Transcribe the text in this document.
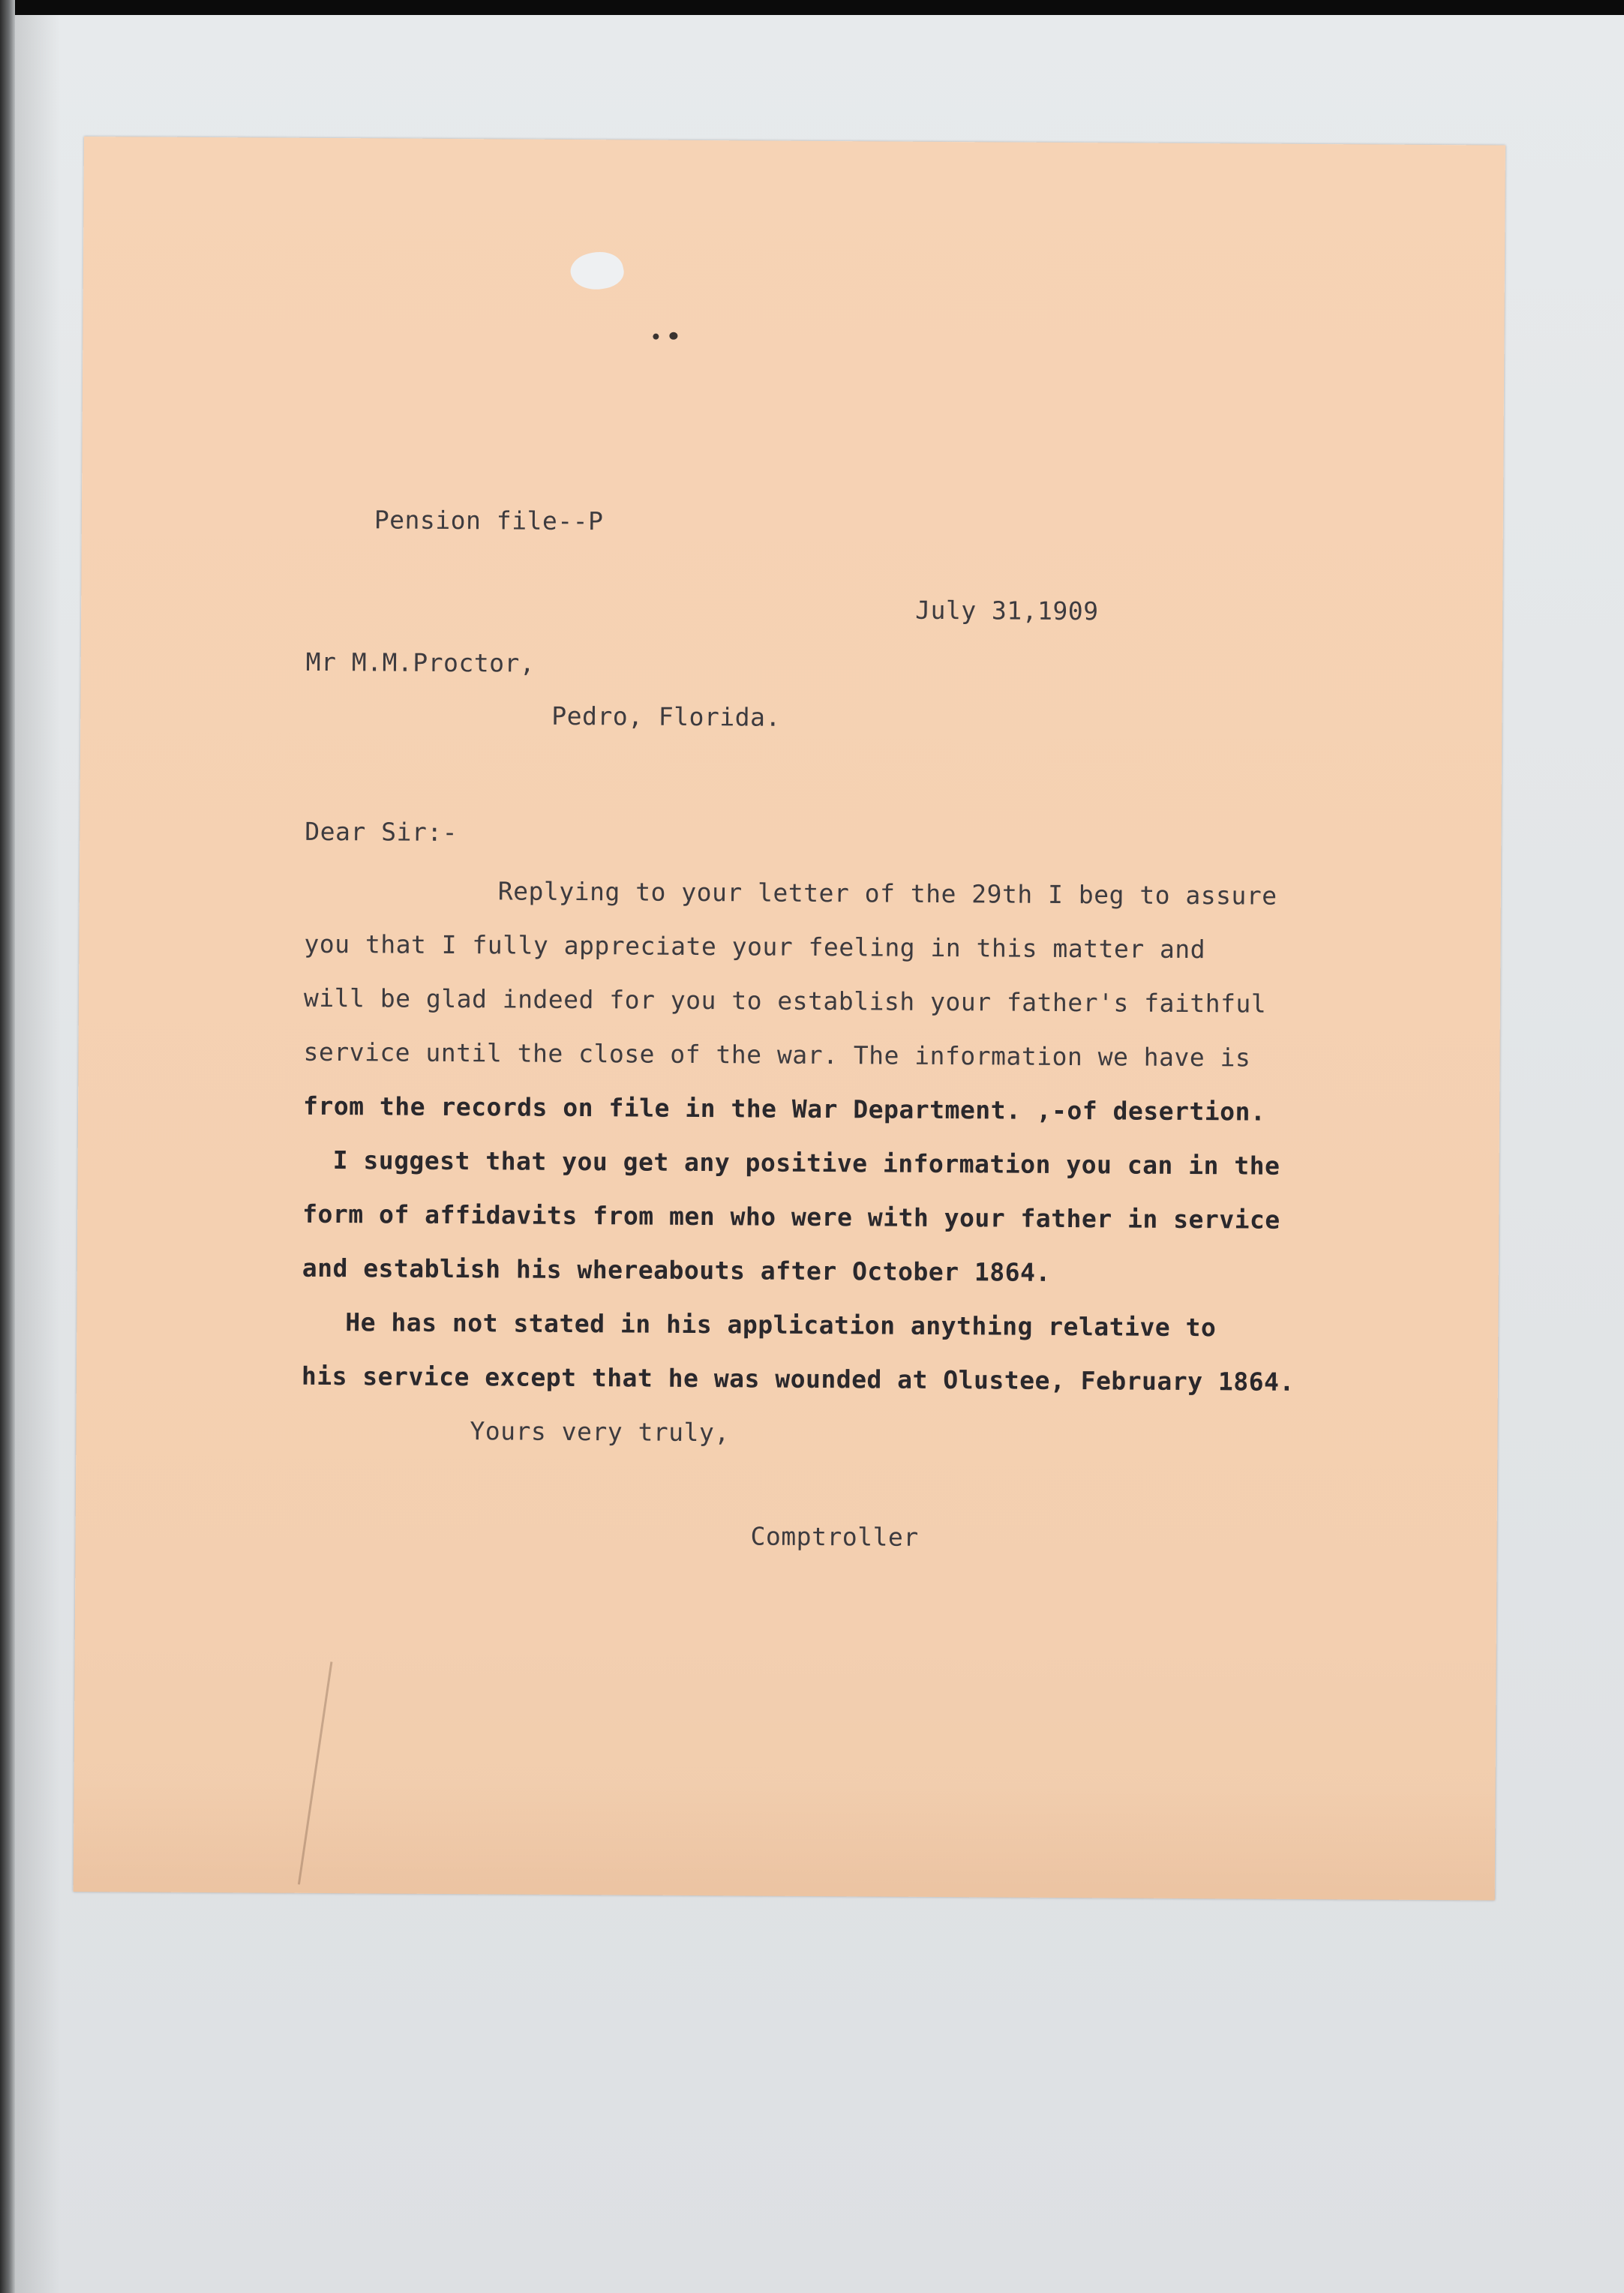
Pension file--P

July 31,1909

Mr M.M.Proctor,

Pedro, Florida.

Dear Sir:-

Replying to your letter of the 29th I beg to assure

you that I fully appreciate your feeling in this matter and

will be glad indeed for you to establish your father's faithful

service until the close of the war. The information we have is

from the records on file in the War Department. ,-of desertion.

I suggest that you get any positive information you can in the

form of affidavits from men who were with your father in service

and establish his whereabouts after October 1864.

He has not stated in his application anything relative to

his service except that he was wounded at Olustee, February 1864.

Yours very truly,

Comptroller
